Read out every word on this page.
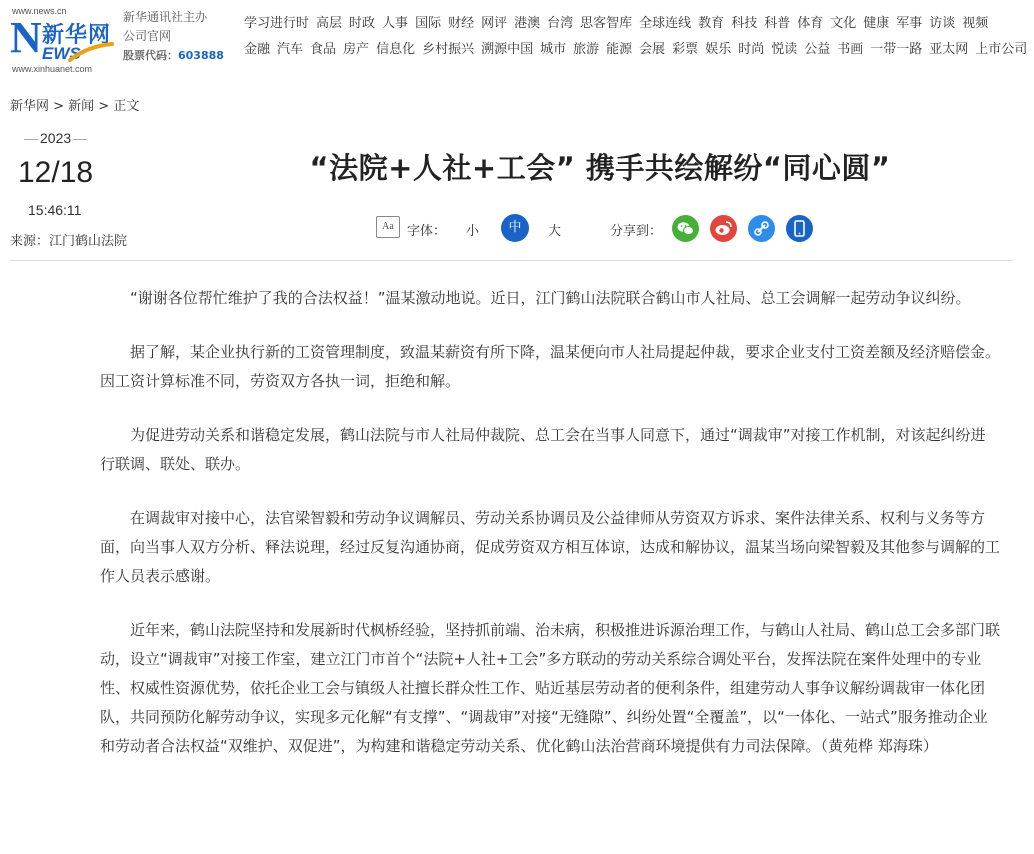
www.news.cn
N 新华网
EWS
www.xinhuanet.com
新华通讯社主办
公司官网
股票代码：603888
学习进行时 高层 时政 人事 国际 财经 网评 港澳 台湾 思客智库 全球连线 教育 科技 科普 体育 文化 健康 军事 访谈 视频
金融 汽车 食品 房产 信息化 乡村振兴 溯源中国 城市 旅游 能源 会展 彩票 娱乐 时尚 悦读 公益 书画 一带一路 亚太网 上市公司
新华网 > 新闻 > 正文
2023
12/18
15:46:11
来源：江门鹤山法院
“法院+人社+工会” 携手共绘解纷“同心圆”
Aa	字体： 小	中	大	分享到：

“谢谢各位帮忙维护了我的合法权益！”温某激动地说。近日，江门鹤山法院联合鹤山市人社局、总工会调解一起劳动争议纠纷。

据了解，某企业执行新的工资管理制度，致温某薪资有所下降，温某便向市人社局提起仲裁，要求企业支付工资差额及经济赔偿金。因工资计算标准不同，劳资双方各执一词，拒绝和解。

为促进劳动关系和谐稳定发展，鹤山法院与市人社局仲裁院、总工会在当事人同意下，通过“调裁审”对接工作机制，对该起纠纷进行联调、联处、联办。

在调裁审对接中心，法官梁智毅和劳动争议调解员、劳动关系协调员及公益律师从劳资双方诉求、案件法律关系、权利与义务等方面，向当事人双方分析、释法说理，经过反复沟通协商，促成劳资双方相互体谅，达成和解协议，温某当场向梁智毅及其他参与调解的工作人员表示感谢。

近年来，鹤山法院坚持和发展新时代枫桥经验，坚持抓前端、治未病，积极推进诉源治理工作，与鹤山人社局、鹤山总工会多部门联动，设立“调裁审”对接工作室，建立江门市首个“法院+人社+工会”多方联动的劳动关系综合调处平台，发挥法院在案件处理中的专业性、权威性资源优势，依托企业工会与镇级人社擅长群众性工作、贴近基层劳动者的便利条件，组建劳动人事争议解纷调裁审一体化团队，共同预防化解劳动争议，实现多元化解“有支撑”、“调裁审”对接“无缝隙”、纠纷处置“全覆盖”，以“一体化、一站式”服务推动企业和劳动者合法权益“双维护、双促进”，为构建和谐稳定劳动关系、优化鹤山法治营商环境提供有力司法保障。（黄苑桦 郑海珠）
